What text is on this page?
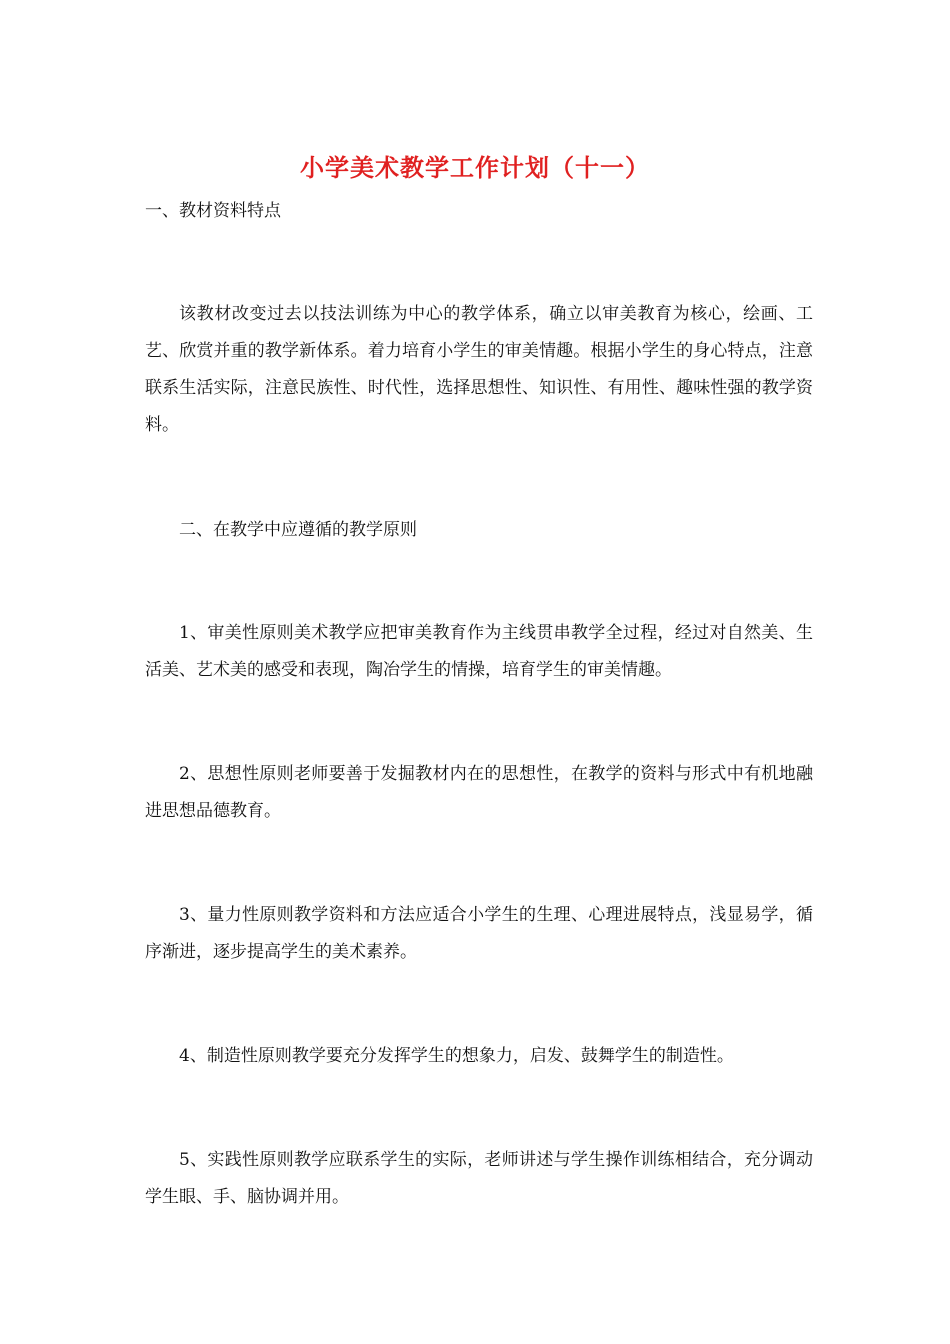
小学美术教学工作计划（十一）
一、教材资料特点
该教材改变过去以技法训练为中心的教学体系，确立以审美教育为核心，绘画、工艺、欣赏并重的教学新体系。着力培育小学生的审美情趣。根据小学生的身心特点，注意联系生活实际，注意民族性、时代性，选择思想性、知识性、有用性、趣味性强的教学资料。
二、在教学中应遵循的教学原则
1、审美性原则美术教学应把审美教育作为主线贯串教学全过程，经过对自然美、生活美、艺术美的感受和表现，陶冶学生的情操，培育学生的审美情趣。
2、思想性原则老师要善于发掘教材内在的思想性，在教学的资料与形式中有机地融进思想品德教育。
3、量力性原则教学资料和方法应适合小学生的生理、心理进展特点，浅显易学，循序渐进，逐步提高学生的美术素养。
4、制造性原则教学要充分发挥学生的想象力，启发、鼓舞学生的制造性。
5、实践性原则教学应联系学生的实际，老师讲述与学生操作训练相结合，充分调动学生眼、手、脑协调并用。
